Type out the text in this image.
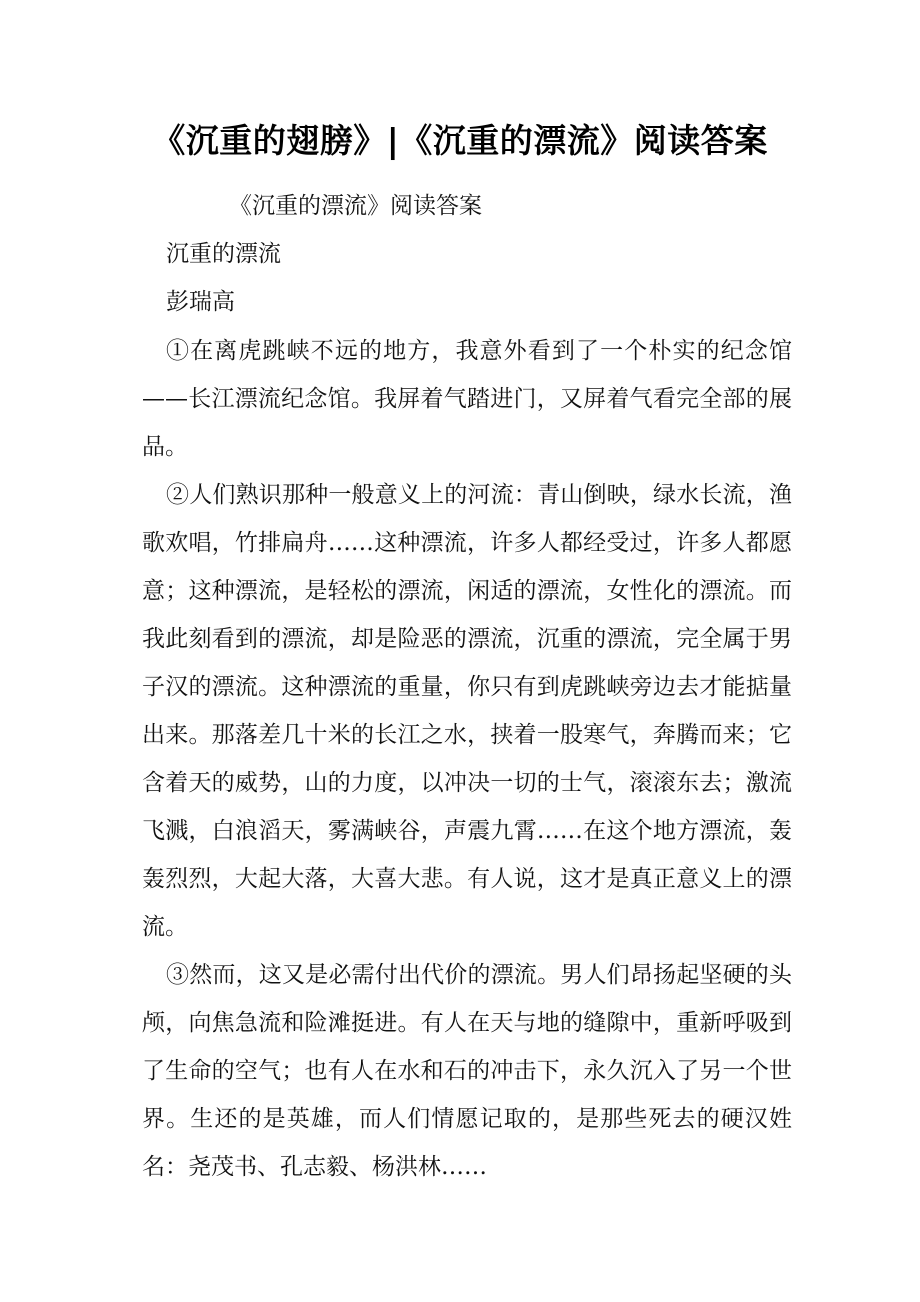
《沉重的翅膀》|《沉重的漂流》阅读答案

《沉重的漂流》阅读答案

沉重的漂流

彭瑞高

①在离虎跳峡不远的地方，我意外看到了一个朴实的纪念馆——长江漂流纪念馆。我屏着气踏进门，又屏着气看完全部的展品。

②人们熟识那种一般意义上的河流：青山倒映，绿水长流，渔歌欢唱，竹排扁舟……这种漂流，许多人都经受过，许多人都愿意；这种漂流，是轻松的漂流，闲适的漂流，女性化的漂流。而我此刻看到的漂流，却是险恶的漂流，沉重的漂流，完全属于男子汉的漂流。这种漂流的重量，你只有到虎跳峡旁边去才能掂量出来。那落差几十米的长江之水，挟着一股寒气，奔腾而来；它含着天的威势，山的力度，以冲决一切的士气，滚滚东去；激流飞溅，白浪滔天，雾满峡谷，声震九霄……在这个地方漂流，轰轰烈烈，大起大落，大喜大悲。有人说，这才是真正意义上的漂流。

③然而，这又是必需付出代价的漂流。男人们昂扬起坚硬的头颅，向焦急流和险滩挺进。有人在天与地的缝隙中，重新呼吸到了生命的空气；也有人在水和石的冲击下，永久沉入了另一个世界。生还的是英雄，而人们情愿记取的，是那些死去的硬汉姓名：尧茂书、孔志毅、杨洪林……
